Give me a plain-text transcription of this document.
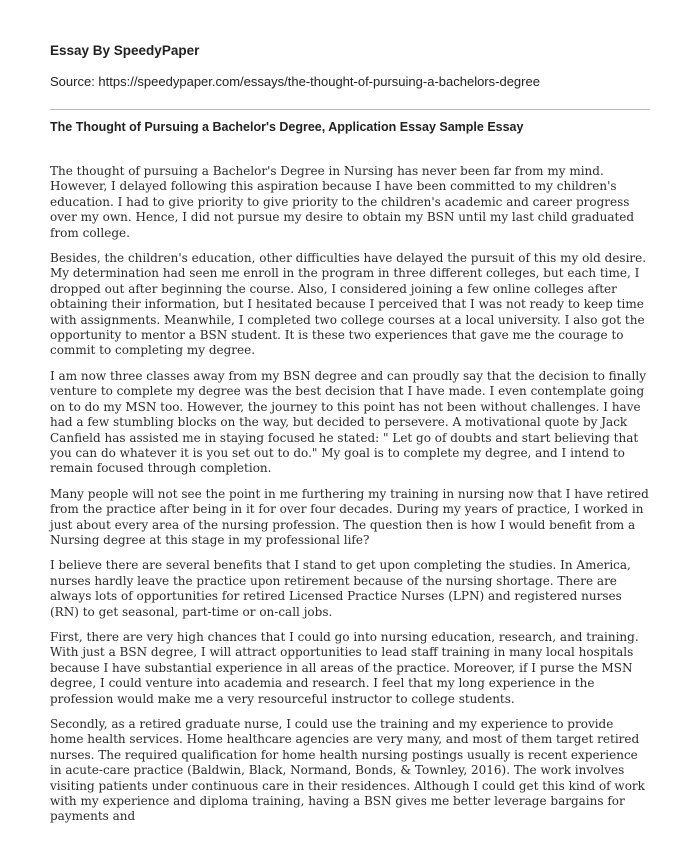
Essay By SpeedyPaper
Source: https://speedypaper.com/essays/the-thought-of-pursuing-a-bachelors-degree
The Thought of Pursuing a Bachelor's Degree, Application Essay Sample Essay

The thought of pursuing a Bachelor's Degree in Nursing has never been far from my mind. However, I delayed following this aspiration because I have been committed to my children's education. I had to give priority to give priority to the children's academic and career progress over my own. Hence, I did not pursue my desire to obtain my BSN until my last child graduated from college.

Besides, the children's education, other difficulties have delayed the pursuit of this my old desire. My determination had seen me enroll in the program in three different colleges, but each time, I dropped out after beginning the course. Also, I considered joining a few online colleges after obtaining their information, but I hesitated because I perceived that I was not ready to keep time with assignments. Meanwhile, I completed two college courses at a local university. I also got the opportunity to mentor a BSN student. It is these two experiences that gave me the courage to commit to completing my degree.

I am now three classes away from my BSN degree and can proudly say that the decision to finally venture to complete my degree was the best decision that I have made. I even contemplate going on to do my MSN too. However, the journey to this point has not been without challenges. I have had a few stumbling blocks on the way, but decided to persevere. A motivational quote by Jack Canfield has assisted me in staying focused he stated: " Let go of doubts and start believing that you can do whatever it is you set out to do." My goal is to complete my degree, and I intend to remain focused through completion.

Many people will not see the point in me furthering my training in nursing now that I have retired from the practice after being in it for over four decades. During my years of practice, I worked in just about every area of the nursing profession. The question then is how I would benefit from a Nursing degree at this stage in my professional life?

I believe there are several benefits that I stand to get upon completing the studies. In America, nurses hardly leave the practice upon retirement because of the nursing shortage. There are always lots of opportunities for retired Licensed Practice Nurses (LPN) and registered nurses (RN) to get seasonal, part-time or on-call jobs.

First, there are very high chances that I could go into nursing education, research, and training. With just a BSN degree, I will attract opportunities to lead staff training in many local hospitals because I have substantial experience in all areas of the practice. Moreover, if I purse the MSN degree, I could venture into academia and research. I feel that my long experience in the profession would make me a very resourceful instructor to college students.

Secondly, as a retired graduate nurse, I could use the training and my experience to provide home health services. Home healthcare agencies are very many, and most of them target retired nurses. The required qualification for home health nursing postings usually is recent experience in acute-care practice (Baldwin, Black, Normand, Bonds, & Townley, 2016). The work involves visiting patients under continuous care in their residences. Although I could get this kind of work with my experience and diploma training, having a BSN gives me better leverage bargains for payments and
